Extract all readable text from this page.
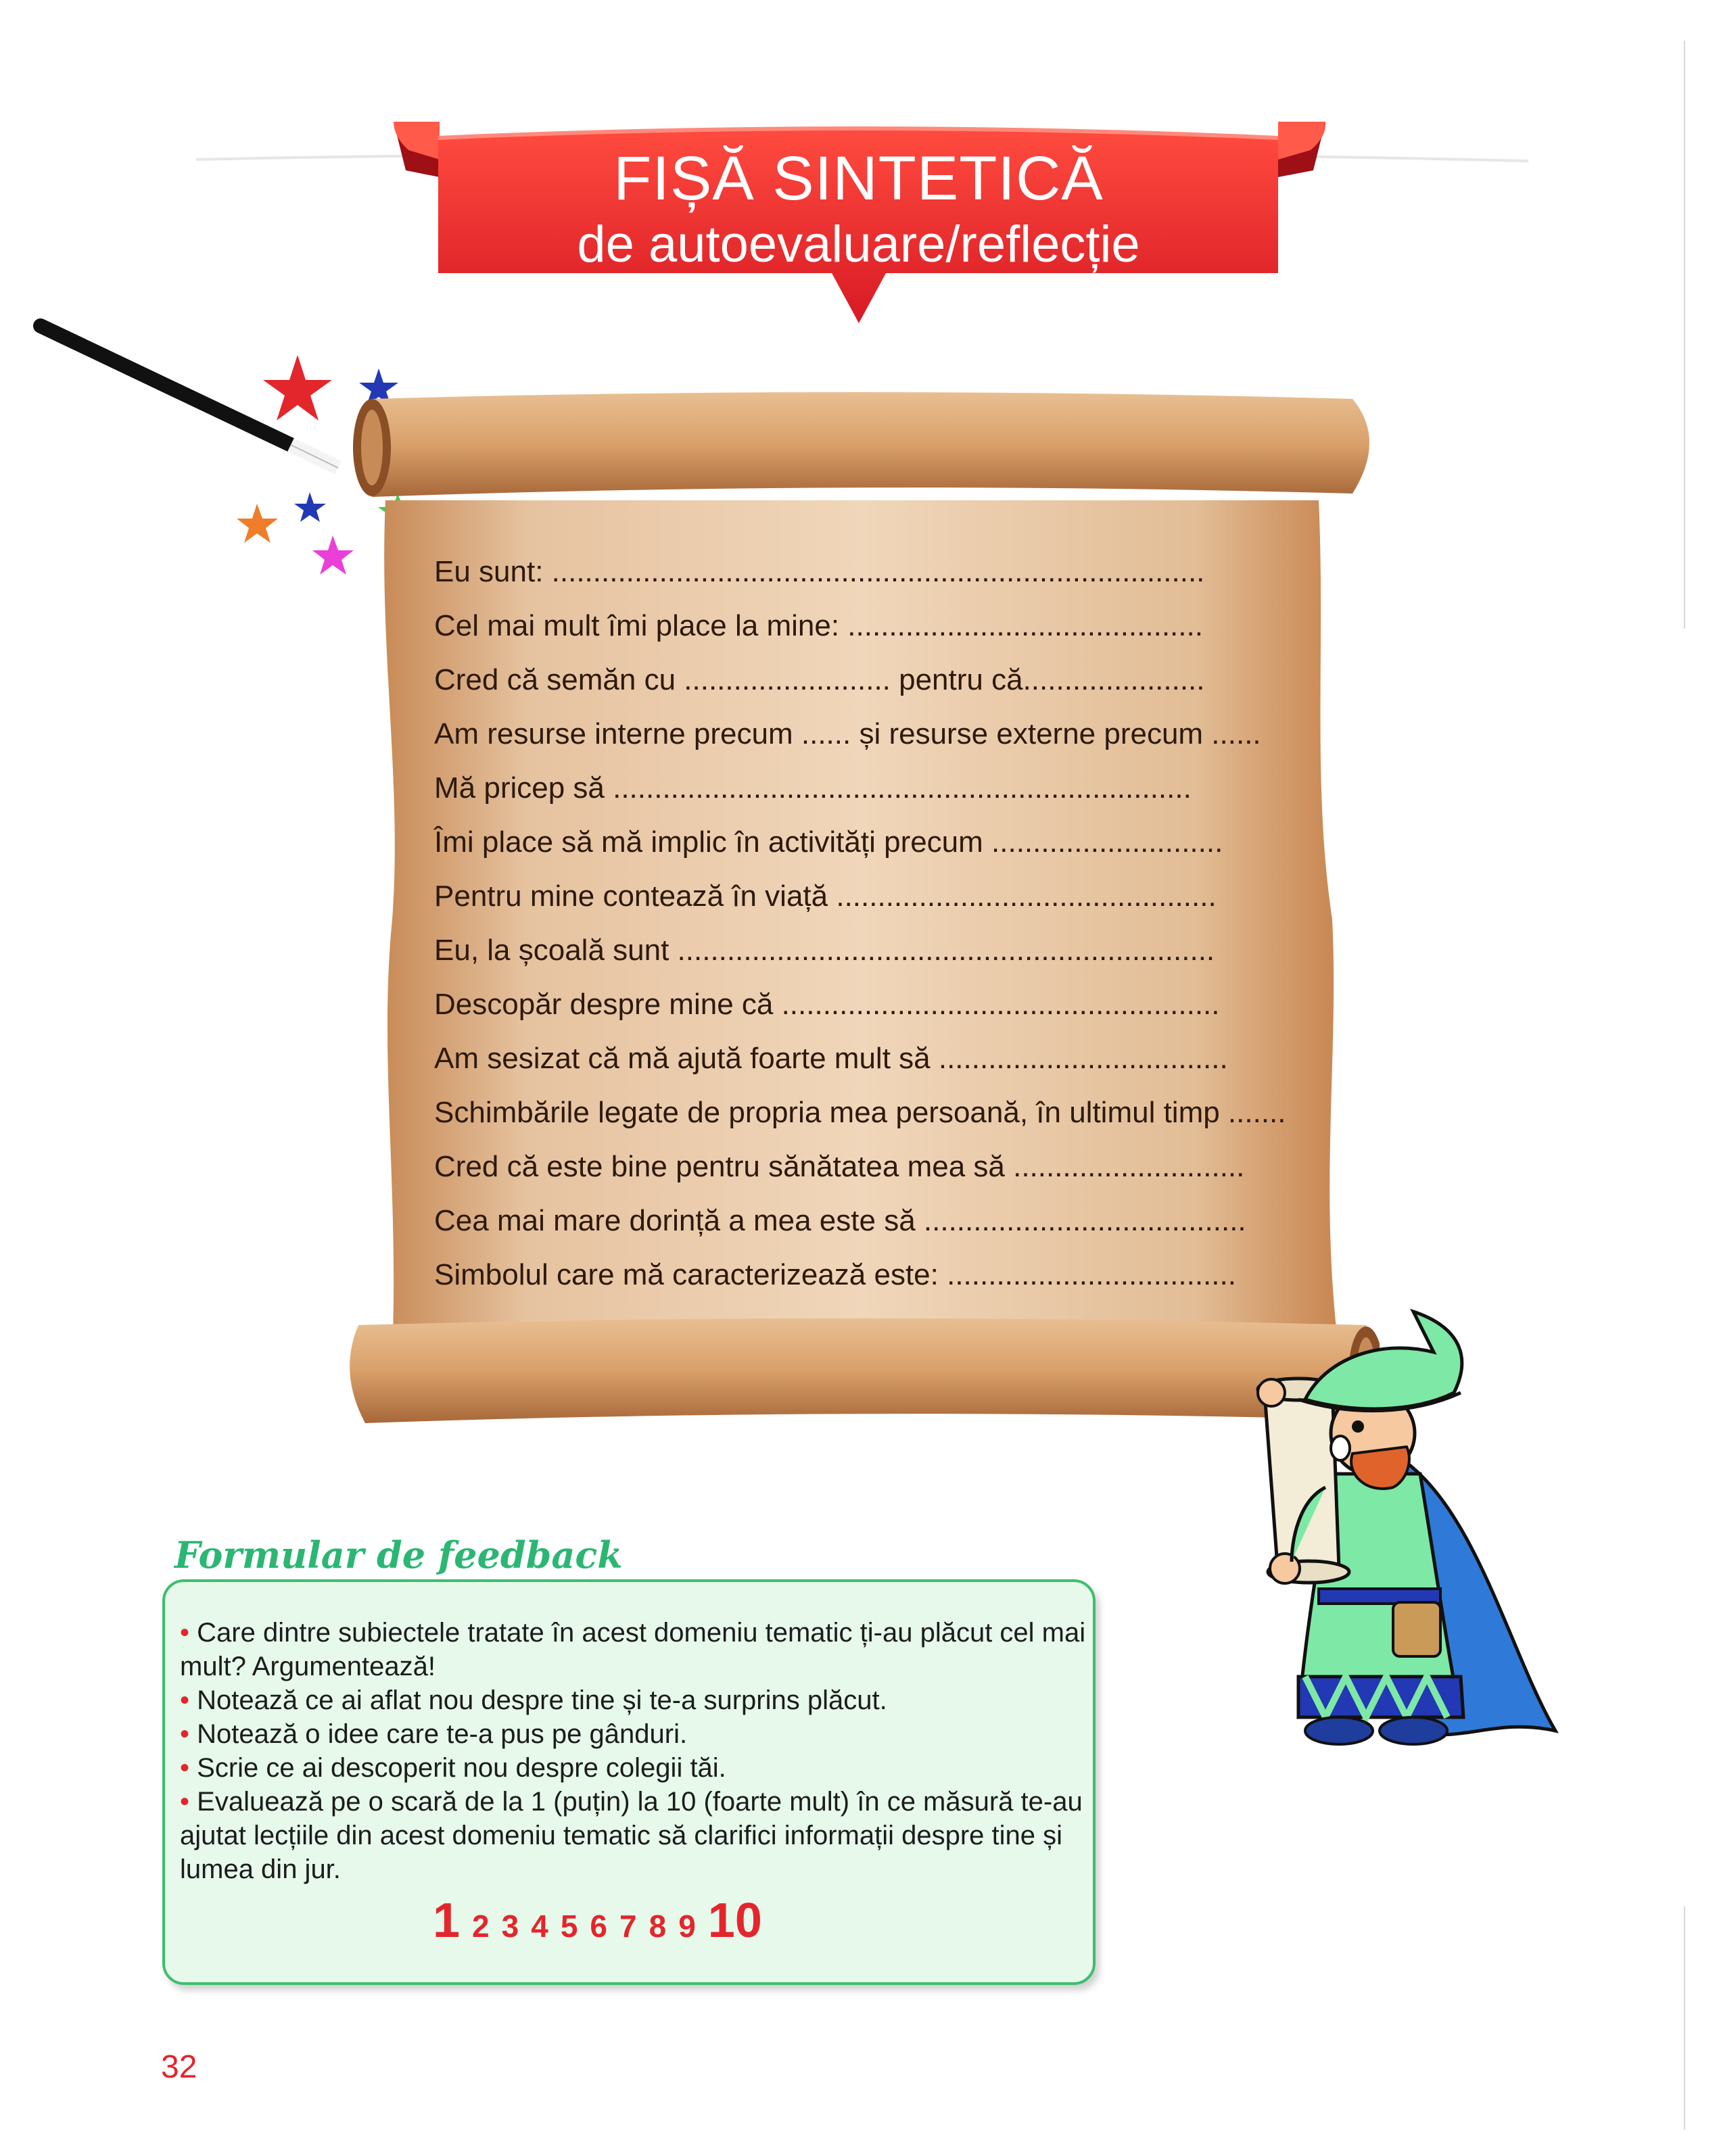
FIȘĂ SINTETICĂ
de autoevaluare/reflecție
Eu sunt: ...............................................................................
Cel mai mult îmi place la mine: ...........................................
Cred că semăn cu ......................... pentru că......................
Am resurse interne precum ...... și resurse externe precum ......
Mă pricep să ......................................................................
Îmi place să mă implic în activități precum ............................
Pentru mine contează în viață ..............................................
Eu, la școală sunt .................................................................
Descopăr despre mine că .....................................................
Am sesizat că mă ajută foarte mult să ...................................
Schimbările legate de propria mea persoană, în ultimul timp .......
Cred că este bine pentru sănătatea mea să ............................
Cea mai mare dorință a mea este să .......................................
Simbolul care mă caracterizează este: ...................................
Formular de feedback
• Care dintre subiectele tratate în acest domeniu tematic ți-au plăcut cel mai mult? Argumentează!
• Notează ce ai aflat nou despre tine și te-a surprins plăcut.
• Notează o idee care te-a pus pe gânduri.
• Scrie ce ai descoperit nou despre colegii tăi.
• Evaluează pe o scară de la 1 (puțin) la 10 (foarte mult) în ce măsură te-au ajutat lecțiile din acest domeniu tematic să clarifici informații despre tine și lumea din jur.
1 2 3 4 5 6 7 8 9 10
32
